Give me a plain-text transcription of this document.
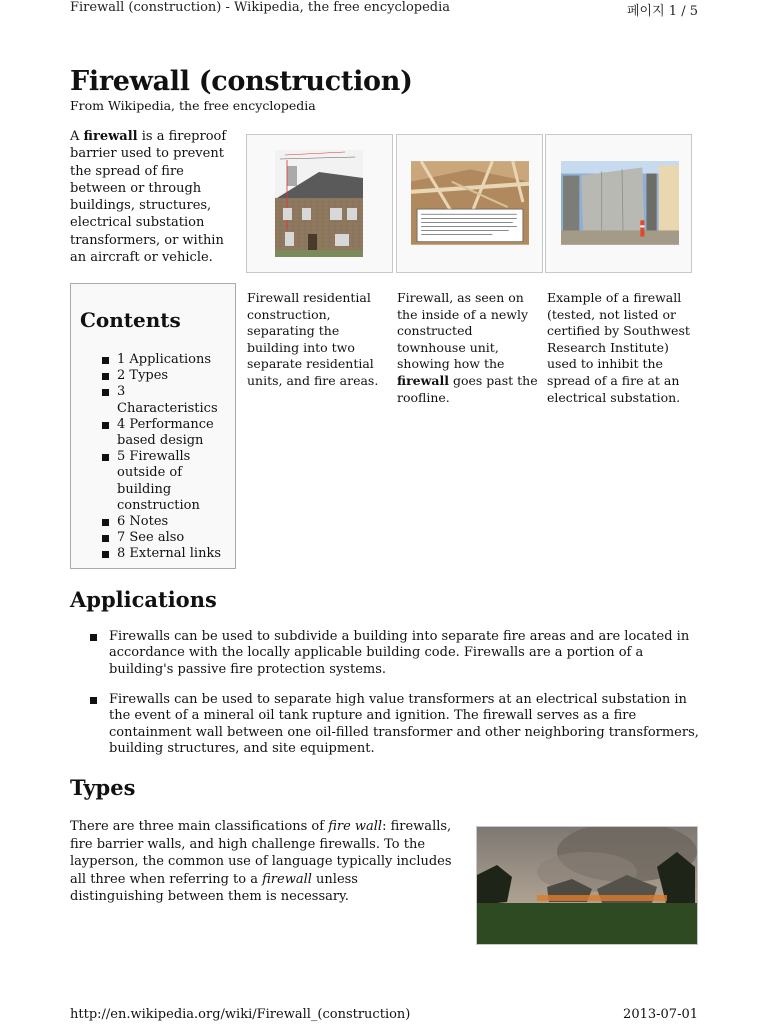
Firewall (construction) - Wikipedia, the free encyclopedia	페이지 1 / 5
Firewall (construction)
From Wikipedia, the free encyclopedia
A firewall is a fireproof barrier used to prevent the spread of fire between or through buildings, structures, electrical substation transformers, or within an aircraft or vehicle.
Firewall residential construction, separating the building into two separate residential units, and fire areas.
Firewall, as seen on the inside of a newly constructed townhouse unit, showing how the firewall goes past the roofline.
Example of a firewall (tested, not listed or certified by Southwest Research Institute) used to inhibit the spread of a fire at an electrical substation.
Contents
1 Applications
2 Types
3 Characteristics
4 Performance based design
5 Firewalls outside of building construction
6 Notes
7 See also
8 External links
Applications
Firewalls can be used to subdivide a building into separate fire areas and are located in accordance with the locally applicable building code. Firewalls are a portion of a building's passive fire protection systems.
Firewalls can be used to separate high value transformers at an electrical substation in the event of a mineral oil tank rupture and ignition. The firewall serves as a fire containment wall between one oil-filled transformer and other neighboring transformers, building structures, and site equipment.
Types
There are three main classifications of fire wall: firewalls, fire barrier walls, and high challenge firewalls. To the layperson, the common use of language typically includes all three when referring to a firewall unless distinguishing between them is necessary.
http://en.wikipedia.org/wiki/Firewall_(construction)	2013-07-01
